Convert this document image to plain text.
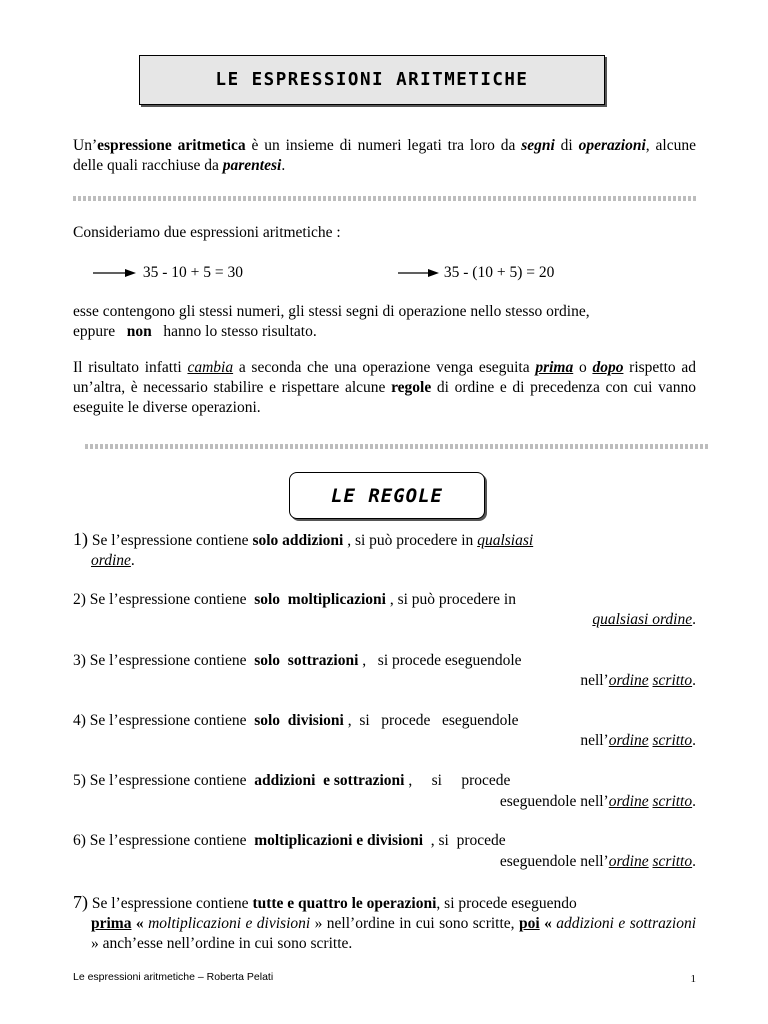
LE ESPRESSIONI ARITMETICHE
Un’espressione aritmetica è un insieme di numeri legati tra loro da segni di operazioni, alcune delle quali racchiuse da parentesi.
Consideriamo due espressioni aritmetiche :
35 - 10 + 5 = 30	35 - (10 + 5) = 20
esse contengono gli stessi numeri, gli stessi segni di operazione nello stesso ordine,
eppure   non   hanno lo stesso risultato.
Il risultato infatti cambia a seconda che una operazione venga eseguita prima o dopo rispetto ad un’altra, è necessario stabilire e rispettare alcune regole di ordine e di precedenza con cui vanno eseguite le diverse operazioni.
LE REGOLE
1) Se l’espressione contiene solo addizioni , si può procedere in qualsiasi
ordine.
2) Se l’espressione contiene  solo  moltiplicazioni , si può procedere in
qualsiasi ordine.
3) Se l’espressione contiene  solo  sottrazioni ,   si procede eseguendole
nell’ordine scritto.
4) Se l’espressione contiene  solo  divisioni ,  si   procede   eseguendole
nell’ordine scritto.
5) Se l’espressione contiene  addizioni  e sottrazioni ,     si     procede
eseguendole nell’ordine scritto.
6) Se l’espressione contiene  moltiplicazioni e divisioni  , si  procede
eseguendole nell’ordine scritto.
7) Se l’espressione contiene tutte e quattro le operazioni, si procede eseguendo
prima « moltiplicazioni e divisioni » nell’ordine in cui sono scritte, poi « addizioni e sottrazioni » anch’esse nell’ordine in cui sono scritte.
Le espressioni aritmetiche – Roberta Pelati	1
